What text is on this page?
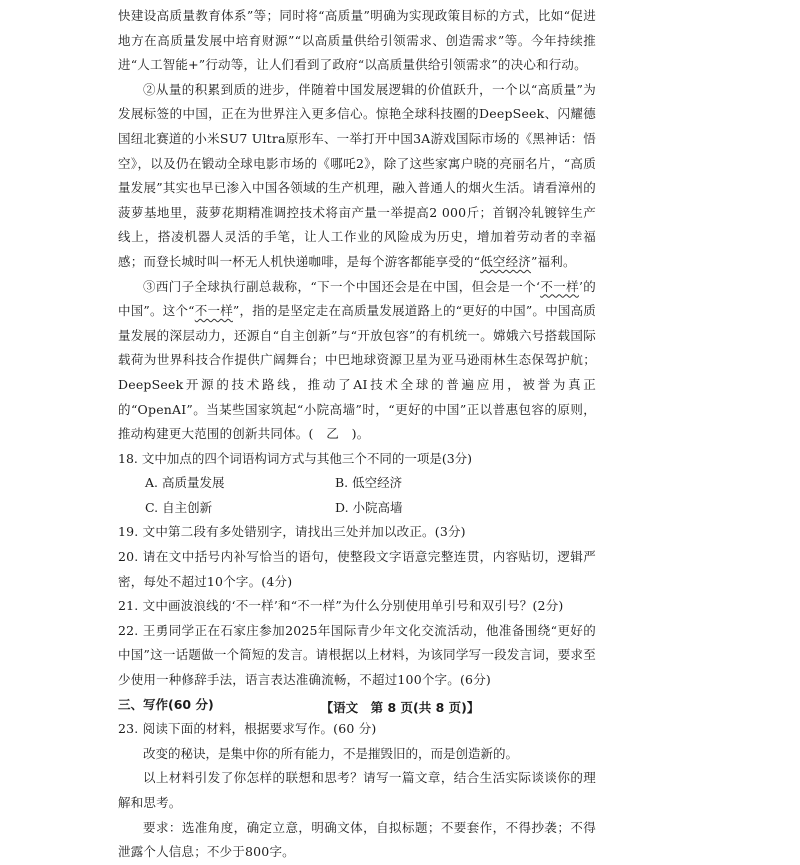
快建设高质量教育体系”等；同时将“高质量”明确为实现政策目标的方式，比如“促进地方在高质量发展中培育财源”“以高质量供给引领需求、创造需求”等。今年持续推进“人工智能+”行动等，让人们看到了政府“以高质量供给引领需求”的决心和行动。

②从量的积累到质的进步，伴随着中国发展逻辑的价值跃升，一个以“高质量”为发展标签的中国，正在为世界注入更多信心。惊艳全球科技圈的DeepSeek、闪耀德国纽北赛道的小米SU7 Ultra原形车、一举打开中国3A游戏国际市场的《黑神话：悟空》，以及仍在锻动全球电影市场的《哪吒2》，除了这些家寓户晓的亮丽名片，“高质量发展”其实也早已渗入中国各领域的生产机理，融入普通人的烟火生活。请看漳州的菠萝基地里，菠萝花期精准调控技术将亩产量一举提高2 000斤；首钢冷轧镀锌生产线上，搭凌机器人灵活的手笔，让人工作业的风险成为历史，增加着劳动者的幸福感；而登长城时叫一杯无人机快递咖啡，是每个游客都能享受的“低空经济”福利。

③西门子全球执行副总裁称，“下一个中国还会是在中国，但会是一个‘不一样’的中国”。这个“不一样”，指的是坚定走在高质量发展道路上的“更好的中国”。中国高质量发展的深层动力，还源自“自主创新”与“开放包容”的有机统一。嫦娥六号搭载国际载荷为世界科技合作提供广阔舞台；中巴地球资源卫星为亚马逊雨林生态保驾护航；DeepSeek开源的技术路线，推动了AI技术全球的普遍应用，被誉为真正的“OpenAI”。当某些国家筑起“小院高墙”时，“更好的中国”正以普惠包容的原则，推动构建更大范围的创新共同体。(　乙　)。

18. 文中加点的四个词语构词方式与其他三个不同的一项是(3分)

A. 高质量发展	B. 低空经济
C. 自主创新	D. 小院高墙

19. 文中第二段有多处错别字，请找出三处并加以改正。(3分)

20. 请在文中括号内补写恰当的语句，使整段文字语意完整连贯，内容贴切，逻辑严密，每处不超过10个字。(4分)

21. 文中画波浪线的‘不一样’和“不一样”为什么分别使用单引号和双引号？(2分)

22. 王勇同学正在石家庄参加2025年国际青少年文化交流活动，他准备围绕“更好的中国”这一话题做一个简短的发言。请根据以上材料，为该同学写一段发言词，要求至少使用一种修辞手法，语言表达准确流畅，不超过100个字。(6分)

三、写作(60 分)

23. 阅读下面的材料，根据要求写作。(60 分)

改变的秘诀，是集中你的所有能力，不是摧毁旧的，而是创造新的。

以上材料引发了你怎样的联想和思考？请写一篇文章，结合生活实际谈谈你的理解和思考。

要求：选准角度，确定立意，明确文体，自拟标题；不要套作，不得抄袭；不得泄露个人信息；不少于800字。

【语文　第 8 页(共 8 页)】
